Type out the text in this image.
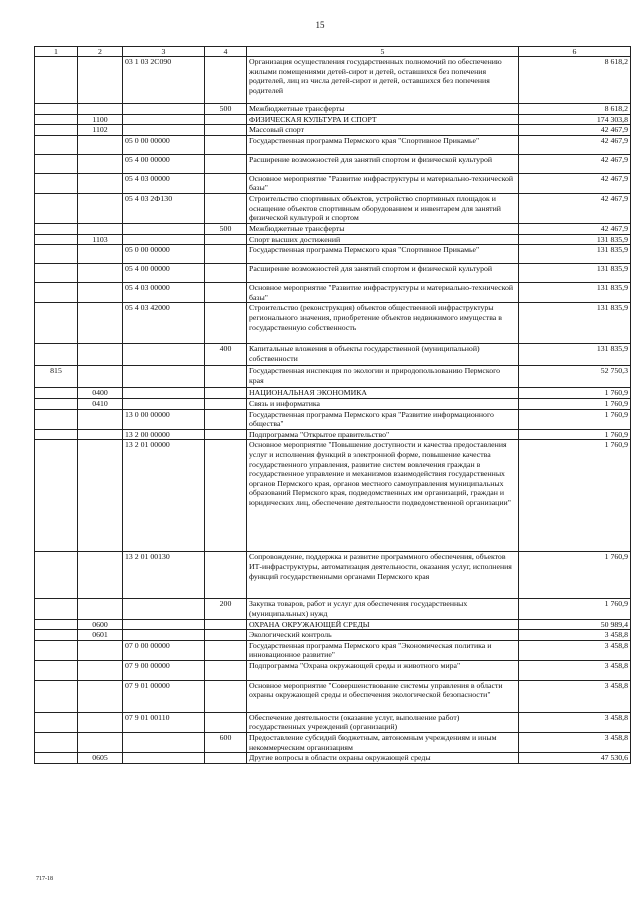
15
1	2	3	4	5	6
		03 1 03 2С090		Организация осуществления государственных полномочий по обеспечению жилыми помещениями детей-сирот и детей, оставшихся без попечения родителей, лиц из числа детей-сирот и детей, оставшихся без попечения родителей	8 618,2
			500	Межбюджетные трансферты	8 618,2
	1100			ФИЗИЧЕСКАЯ КУЛЬТУРА И СПОРТ	174 303,8
	1102			Массовый спорт	42 467,9
		05 0 00 00000		Государственная программа Пермского края "Спортивное Прикамье"	42 467,9
		05 4 00 00000		Расширение возможностей для занятий спортом и физической культурой	42 467,9
		05 4 03 00000		Основное мероприятие "Развитие инфраструктуры и материально-технической базы"	42 467,9
		05 4 03 2Ф130		Строительство спортивных объектов, устройство спортивных площадок и оснащение объектов спортивным оборудованием и инвентарем для занятий физической культурой и спортом	42 467,9
			500	Межбюджетные трансферты	42 467,9
	1103			Спорт высших достижений	131 835,9
		05 0 00 00000		Государственная программа Пермского края "Спортивное Прикамье"	131 835,9
		05 4 00 00000		Расширение возможностей для занятий спортом и физической культурой	131 835,9
		05 4 03 00000		Основное мероприятие "Развитие инфраструктуры и материально-технической базы"	131 835,9
		05 4 03 42000		Строительство (реконструкция) объектов общественной инфраструктуры регионального значения, приобретение объектов недвижимого имущества в государственную собственность	131 835,9
			400	Капитальные вложения в объекты государственной (муниципальной) собственности	131 835,9
815				Государственная инспекция по экологии и природопользованию Пермского края	52 750,3
	0400			НАЦИОНАЛЬНАЯ ЭКОНОМИКА	1 760,9
	0410			Связь и информатика	1 760,9
		13 0 00 00000		Государственная программа Пермского края "Развитие информационного общества"	1 760,9
		13 2 00 00000		Подпрограмма "Открытое правительство"	1 760,9
		13 2 01 00000		Основное мероприятие "Повышение доступности и качества предоставления услуг и исполнения функций в электронной форме, повышение качества государственного управления, развитие систем вовлечения граждан в государственное управление и механизмов взаимодействия государственных органов Пермского края, органов местного самоуправления муниципальных образований Пермского края, подведомственных им организаций, граждан и юридических лиц, обеспечение деятельности подведомственной организации"	1 760,9
		13 2 01 00130		Сопровождение, поддержка и развитие программного обеспечения, объектов ИТ-инфраструктуры, автоматизация деятельности, оказания услуг, исполнения функций государственными органами Пермского края	1 760,9
			200	Закупка товаров, работ и услуг для обеспечения государственных (муниципальных) нужд	1 760,9
	0600			ОХРАНА ОКРУЖАЮЩЕЙ СРЕДЫ	50 989,4
	0601			Экологический контроль	3 458,8
		07 0 00 00000		Государственная программа Пермского края "Экономическая политика и инновационное развитие"	3 458,8
		07 9 00 00000		Подпрограмма "Охрана окружающей среды и животного мира"	3 458,8
		07 9 01 00000		Основное мероприятие "Совершенствование системы управления в области охраны окружающей среды и обеспечения экологической безопасности"	3 458,8
		07 9 01 00110		Обеспечение деятельности (оказание услуг, выполнение работ) государственных учреждений (организаций)	3 458,8
			600	Предоставление субсидий бюджетным, автономным учреждениям и иным некоммерческим организациям	3 458,8
	0605			Другие вопросы в области охраны окружающей среды	47 530,6
717-18
